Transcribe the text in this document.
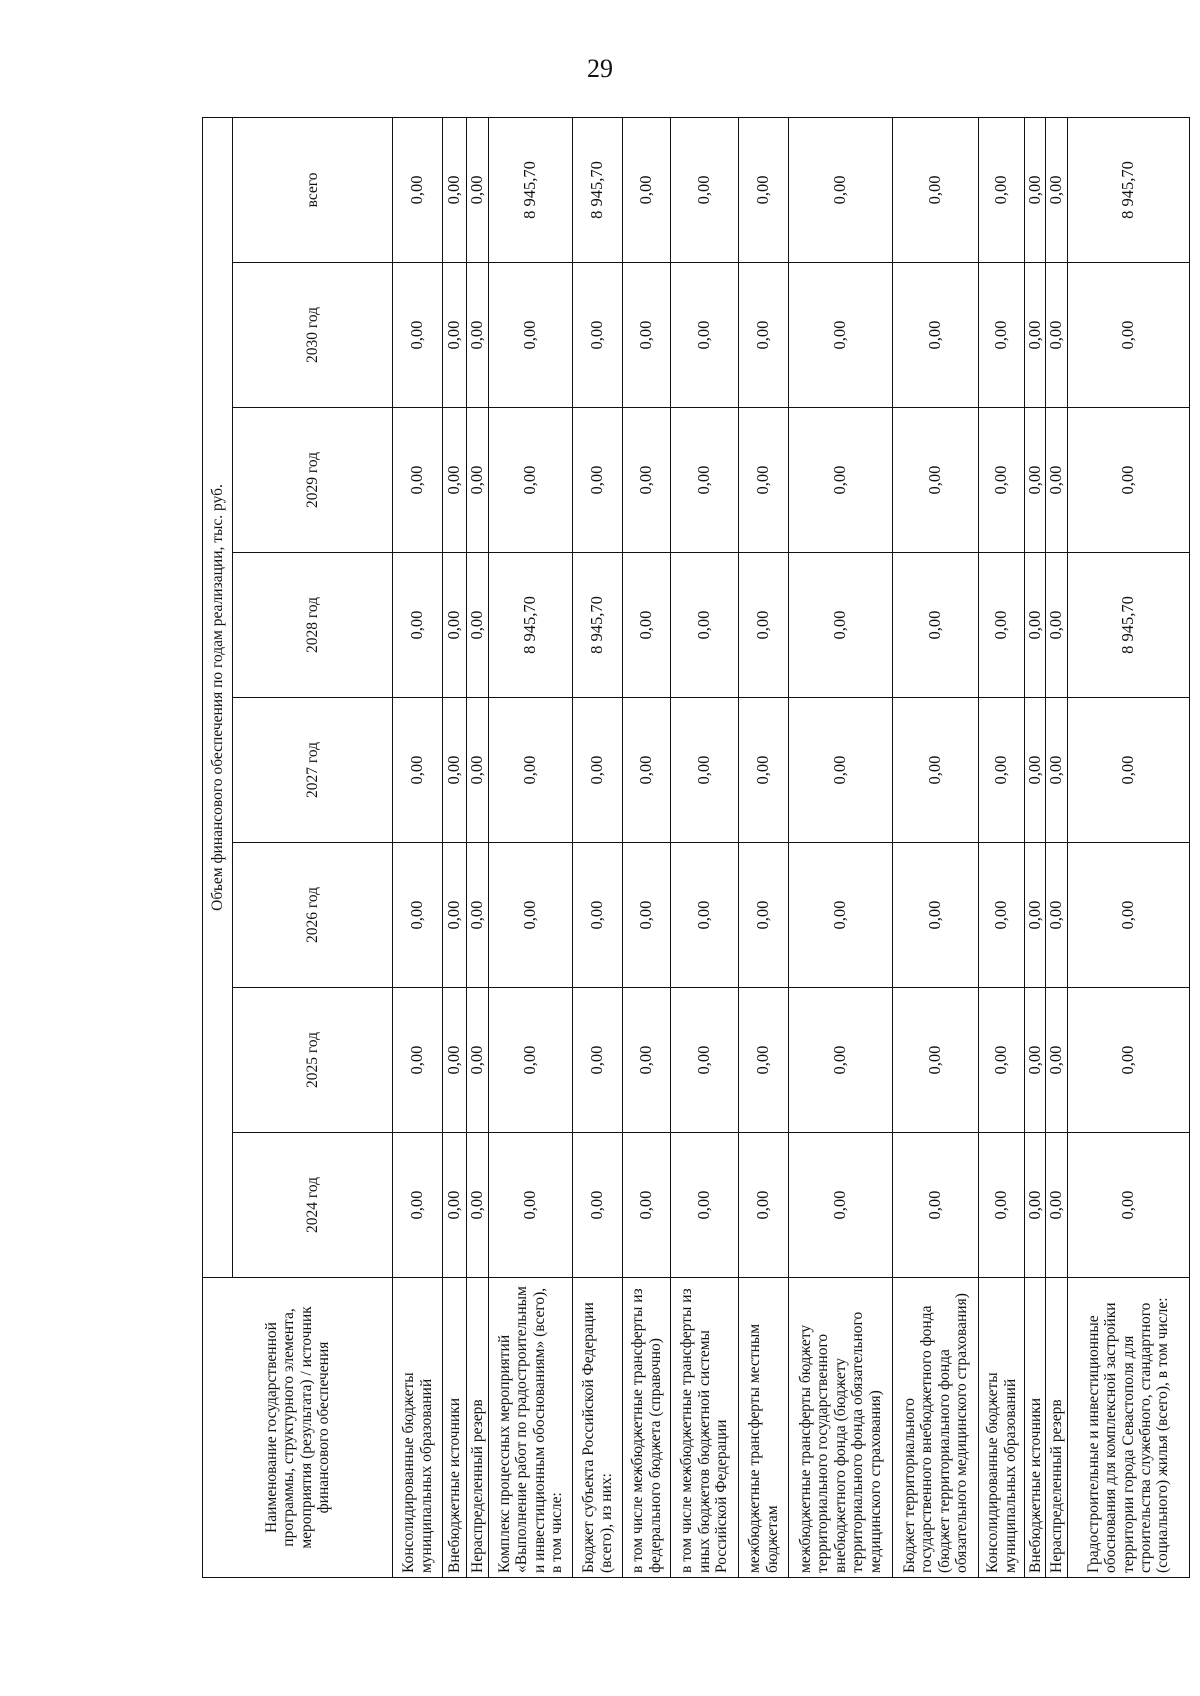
29
Наименование государственной программы, структурного элемента, мероприятия (результата) / источник финансового обеспечения	Объем финансового обеспечения по годам реализации, тыс. руб.							
	2024 год	2025 год	2026 год	2027 год	2028 год	2029 год	2030 год	всего
Консолидированные бюджеты муниципальных образований	0,00	0,00	0,00	0,00	0,00	0,00	0,00	0,00
Внебюджетные источники	0,00	0,00	0,00	0,00	0,00	0,00	0,00	0,00
Нераспределенный резерв	0,00	0,00	0,00	0,00	0,00	0,00	0,00	0,00
Комплекс процессных мероприятий «Выполнение работ по градостроительным и инвестиционным обоснованиям» (всего), в том числе:	0,00	0,00	0,00	0,00	8 945,70	0,00	0,00	8 945,70
Бюджет субъекта Российской Федерации (всего), из них:	0,00	0,00	0,00	0,00	8 945,70	0,00	0,00	8 945,70
в том числе межбюджетные трансферты из федерального бюджета (справочно)	0,00	0,00	0,00	0,00	0,00	0,00	0,00	0,00
в том числе межбюджетные трансферты из иных бюджетов бюджетной системы Российской Федерации	0,00	0,00	0,00	0,00	0,00	0,00	0,00	0,00
межбюджетные трансферты местным бюджетам	0,00	0,00	0,00	0,00	0,00	0,00	0,00	0,00
межбюджетные трансферты бюджету территориального государственного внебюджетного фонда (бюджету территориального фонда обязательного медицинского страхования)	0,00	0,00	0,00	0,00	0,00	0,00	0,00	0,00
Бюджет территориального государственного внебюджетного фонда (бюджет территориального фонда обязательного медицинского страхования)	0,00	0,00	0,00	0,00	0,00	0,00	0,00	0,00
Консолидированные бюджеты муниципальных образований	0,00	0,00	0,00	0,00	0,00	0,00	0,00	0,00
Внебюджетные источники	0,00	0,00	0,00	0,00	0,00	0,00	0,00	0,00
Нераспределенный резерв	0,00	0,00	0,00	0,00	0,00	0,00	0,00	0,00
Градостроительные и инвестиционные обоснования для комплексной застройки территории города Севастополя для строительства служебного, стандартного (социального) жилья (всего), в том числе:	0,00	0,00	0,00	0,00	8 945,70	0,00	0,00	8 945,70
